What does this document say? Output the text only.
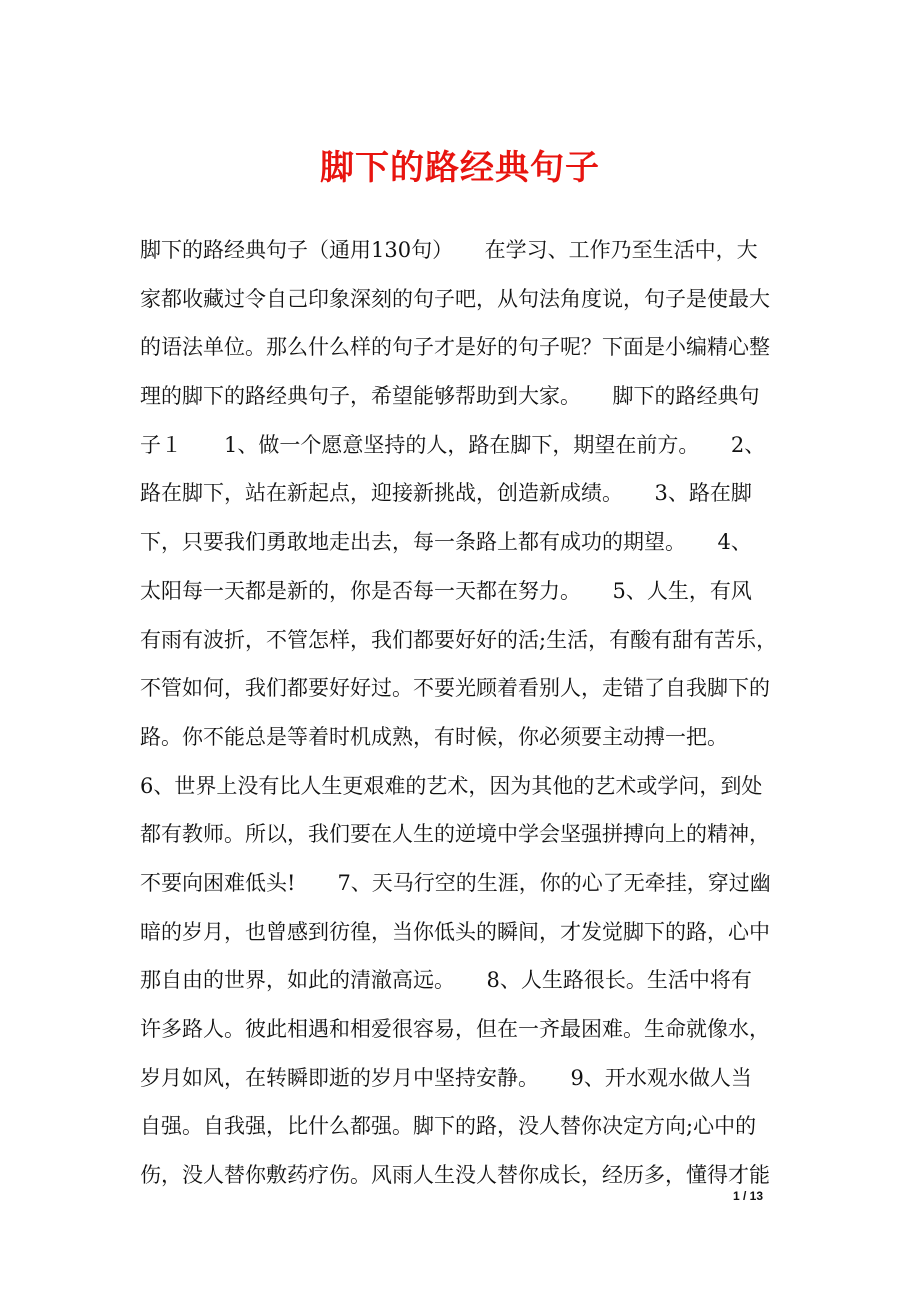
脚下的路经典句子
脚下的路经典句子（通用130句）　　在学习、工作乃至生活中，大
家都收藏过令自己印象深刻的句子吧，从句法角度说，句子是使最大
的语法单位。那么什么样的句子才是好的句子呢？下面是小编精心整
理的脚下的路经典句子，希望能够帮助到大家。　　脚下的路经典句
子１　　1、做一个愿意坚持的人，路在脚下，期望在前方。　　2、
路在脚下，站在新起点，迎接新挑战，创造新成绩。　　3、路在脚
下，只要我们勇敢地走出去，每一条路上都有成功的期望。　　4、
太阳每一天都是新的，你是否每一天都在努力。　　5、人生，有风
有雨有波折，不管怎样，我们都要好好的活;生活，有酸有甜有苦乐，
不管如何，我们都要好好过。不要光顾着看别人，走错了自我脚下的
路。你不能总是等着时机成熟，有时候，你必须要主动搏一把。
6、世界上没有比人生更艰难的艺术，因为其他的艺术或学问，到处
都有教师。所以，我们要在人生的逆境中学会坚强拼搏向上的精神，
不要向困难低头!　　7、天马行空的生涯，你的心了无牵挂，穿过幽
暗的岁月，也曾感到彷徨，当你低头的瞬间，才发觉脚下的路，心中
那自由的世界，如此的清澈高远。　　8、人生路很长。生活中将有
许多路人。彼此相遇和相爱很容易，但在一齐最困难。生命就像水，
岁月如风，在转瞬即逝的岁月中坚持安静。　　9、开水观水做人当
自强。自我强，比什么都强。脚下的路，没人替你决定方向;心中的
伤，没人替你敷药疗伤。风雨人生没人替你成长，经历多，懂得才能
1 / 13
